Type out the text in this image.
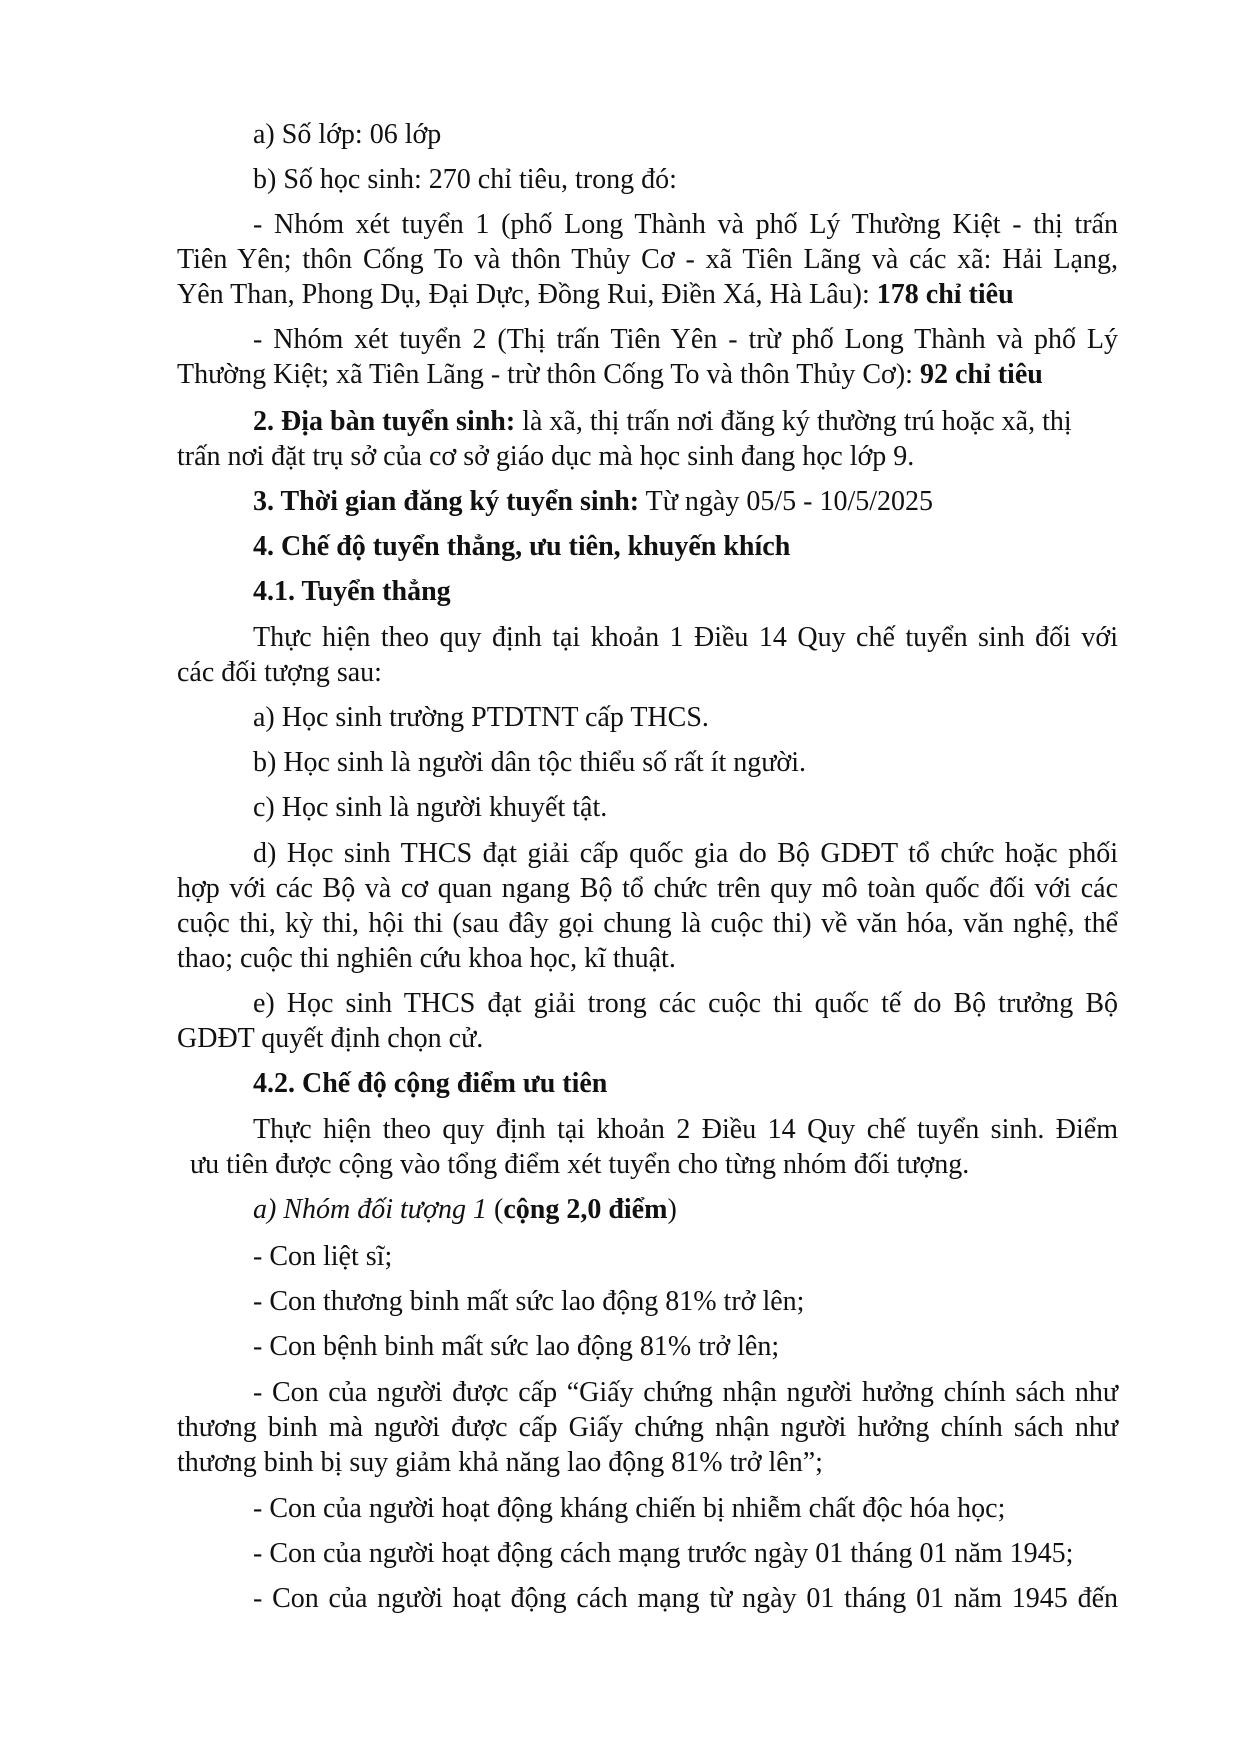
a) Số lớp: 06 lớp
b) Số học sinh: 270 chỉ tiêu, trong đó:
- Nhóm xét tuyển 1 (phố Long Thành và phố Lý Thường Kiệt - thị trấn
Tiên Yên; thôn Cống To và thôn Thủy Cơ - xã Tiên Lãng và các xã: Hải Lạng,
Yên Than, Phong Dụ, Đại Dực, Đồng Rui, Điền Xá, Hà Lâu): 178 chỉ tiêu
- Nhóm xét tuyển 2 (Thị trấn Tiên Yên - trừ phố Long Thành và phố Lý
Thường Kiệt; xã Tiên Lãng - trừ thôn Cống To và thôn Thủy Cơ): 92 chỉ tiêu
2. Địa bàn tuyển sinh: là xã, thị trấn nơi đăng ký thường trú hoặc xã, thị
trấn nơi đặt trụ sở của cơ sở giáo dục mà học sinh đang học lớp 9.
3. Thời gian đăng ký tuyển sinh: Từ ngày 05/5 - 10/5/2025
4. Chế độ tuyển thẳng, ưu tiên, khuyến khích
4.1. Tuyển thẳng
Thực hiện theo quy định tại khoản 1 Điều 14 Quy chế tuyển sinh đối với
các đối tượng sau:
a) Học sinh trường PTDTNT cấp THCS.
b) Học sinh là người dân tộc thiểu số rất ít người.
c) Học sinh là người khuyết tật.
d) Học sinh THCS đạt giải cấp quốc gia do Bộ GDĐT tổ chức hoặc phối
hợp với các Bộ và cơ quan ngang Bộ tổ chức trên quy mô toàn quốc đối với các
cuộc thi, kỳ thi, hội thi (sau đây gọi chung là cuộc thi) về văn hóa, văn nghệ, thể
thao; cuộc thi nghiên cứu khoa học, kĩ thuật.
e) Học sinh THCS đạt giải trong các cuộc thi quốc tế do Bộ trưởng Bộ
GDĐT quyết định chọn cử.
4.2. Chế độ cộng điểm ưu tiên
Thực hiện theo quy định tại khoản 2 Điều 14 Quy chế tuyển sinh. Điểm
ưu tiên được cộng vào tổng điểm xét tuyển cho từng nhóm đối tượng.
a) Nhóm đối tượng 1 (cộng 2,0 điểm)
- Con liệt sĩ;
- Con thương binh mất sức lao động 81% trở lên;
- Con bệnh binh mất sức lao động 81% trở lên;
- Con của người được cấp “Giấy chứng nhận người hưởng chính sách như
thương binh mà người được cấp Giấy chứng nhận người hưởng chính sách như
thương binh bị suy giảm khả năng lao động 81% trở lên”;
- Con của người hoạt động kháng chiến bị nhiễm chất độc hóa học;
- Con của người hoạt động cách mạng trước ngày 01 tháng 01 năm 1945;
- Con của người hoạt động cách mạng từ ngày 01 tháng 01 năm 1945 đến
